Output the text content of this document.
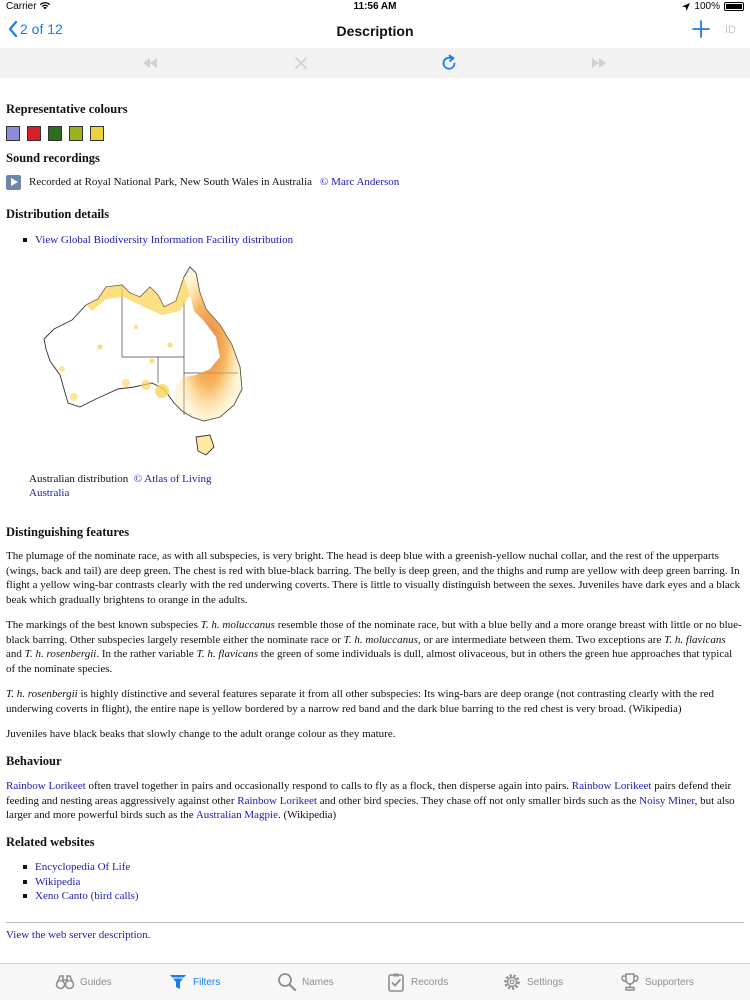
Carrier	11:56 AM	100%
2 of 12	Description	ID
Representative colours
Sound recordings
Recorded at Royal National Park, New South Wales in Australia © Marc Anderson
Distribution details
View Global Biodiversity Information Facility distribution
Australian distribution © Atlas of Living Australia
Distinguishing features

The plumage of the nominate race, as with all subspecies, is very bright. The head is deep blue with a greenish-yellow nuchal collar, and the rest of the upperparts (wings, back and tail) are deep green. The chest is red with blue-black barring. The belly is deep green, and the thighs and rump are yellow with deep green barring. In flight a yellow wing-bar contrasts clearly with the red underwing coverts. There is little to visually distinguish between the sexes. Juveniles have dark eyes and a black beak which gradually brightens to orange in the adults.

The markings of the best known subspecies T. h. moluccanus resemble those of the nominate race, but with a blue belly and a more orange breast with little or no blue-black barring. Other subspecies largely resemble either the nominate race or T. h. moluccanus, or are intermediate between them. Two exceptions are T. h. flavicans and T. h. rosenbergii. In the rather variable T. h. flavicans the green of some individuals is dull, almost olivaceous, but in others the green hue approaches that typical of the nominate species.

T. h. rosenbergii is highly distinctive and several features separate it from all other subspecies: Its wing-bars are deep orange (not contrasting clearly with the red underwing coverts in flight), the entire nape is yellow bordered by a narrow red band and the dark blue barring to the red chest is very broad. (Wikipedia)

Juveniles have black beaks that slowly change to the adult orange colour as they mature.

Behaviour

Rainbow Lorikeet often travel together in pairs and occasionally respond to calls to fly as a flock, then disperse again into pairs. Rainbow Lorikeet pairs defend their feeding and nesting areas aggressively against other Rainbow Lorikeet and other bird species. They chase off not only smaller birds such as the Noisy Miner, but also larger and more powerful birds such as the Australian Magpie. (Wikipedia)

Related websites
Encyclopedia Of Life
Wikipedia
Xeno Canto (bird calls)
View the web server description.
Guides	Filters	Names	Records	Settings	Supporters
